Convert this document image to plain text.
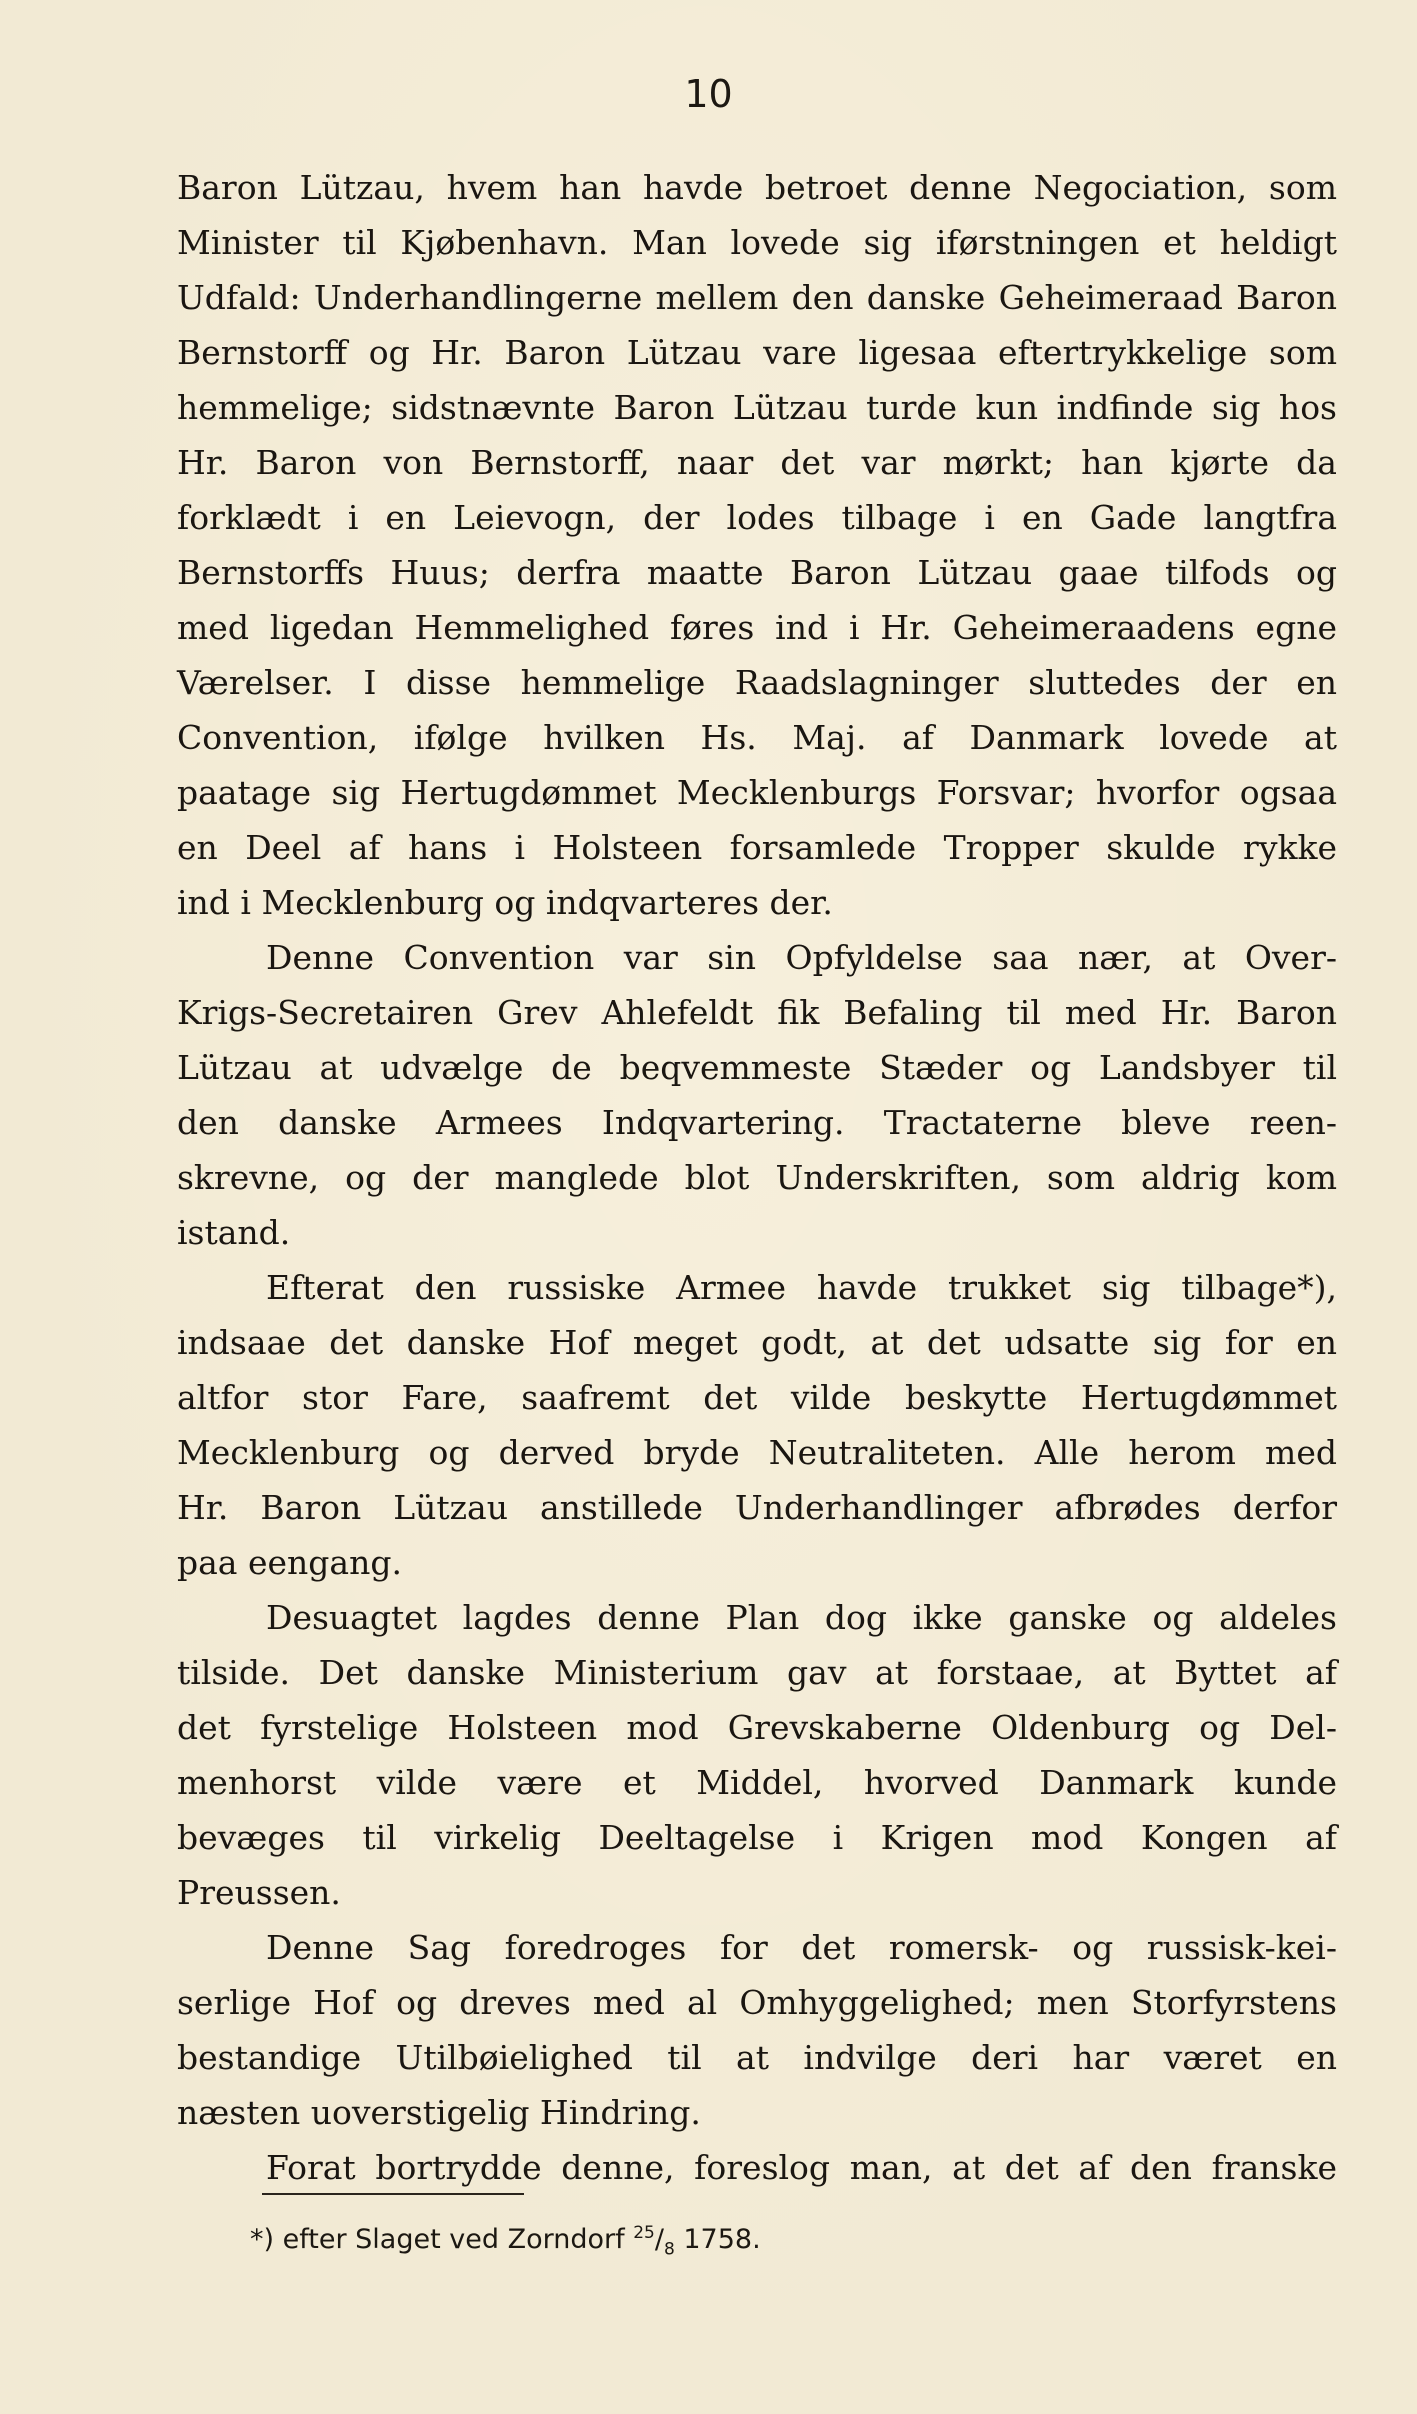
10
Baron Lützau, hvem han havde betroet denne Negociation, som
Minister til Kjøbenhavn. Man lovede sig iførstningen et heldigt
Udfald: Underhandlingerne mellem den danske Geheimeraad Baron
Bernstorff og Hr. Baron Lützau vare ligesaa eftertrykkelige som
hemmelige; sidstnævnte Baron Lützau turde kun indfinde sig hos
Hr. Baron von Bernstorff, naar det var mørkt; han kjørte da
forklædt i en Leievogn, der lodes tilbage i en Gade langtfra
Bernstorffs Huus; derfra maatte Baron Lützau gaae tilfods og
med ligedan Hemmelighed føres ind i Hr. Geheimeraadens egne
Værelser. I disse hemmelige Raadslagninger sluttedes der en
Convention, ifølge hvilken Hs. Maj. af Danmark lovede at
paatage sig Hertugdømmet Mecklenburgs Forsvar; hvorfor ogsaa
en Deel af hans i Holsteen forsamlede Tropper skulde rykke
ind i Mecklenburg og indqvarteres der.
Denne Convention var sin Opfyldelse saa nær, at Over-
Krigs-Secretairen Grev Ahlefeldt fik Befaling til med Hr. Baron
Lützau at udvælge de beqvemmeste Stæder og Landsbyer til
den danske Armees Indqvartering. Tractaterne bleve reen-
skrevne, og der manglede blot Underskriften, som aldrig kom
istand.
Efterat den russiske Armee havde trukket sig tilbage*),
indsaae det danske Hof meget godt, at det udsatte sig for en
altfor stor Fare, saafremt det vilde beskytte Hertugdømmet
Mecklenburg og derved bryde Neutraliteten. Alle herom med
Hr. Baron Lützau anstillede Underhandlinger afbrødes derfor
paa eengang.
Desuagtet lagdes denne Plan dog ikke ganske og aldeles
tilside. Det danske Ministerium gav at forstaae, at Byttet af
det fyrstelige Holsteen mod Grevskaberne Oldenburg og Del-
menhorst vilde være et Middel, hvorved Danmark kunde
bevæges til virkelig Deeltagelse i Krigen mod Kongen af
Preussen.
Denne Sag foredroges for det romersk- og russisk-kei-
serlige Hof og dreves med al Omhyggelighed; men Storfyrstens
bestandige Utilbøielighed til at indvilge deri har været en
næsten uoverstigelig Hindring.
Forat bortrydde denne, foreslog man, at det af den franske
*) efter Slaget ved Zorndorf $^{25}/_8$ 1758.
